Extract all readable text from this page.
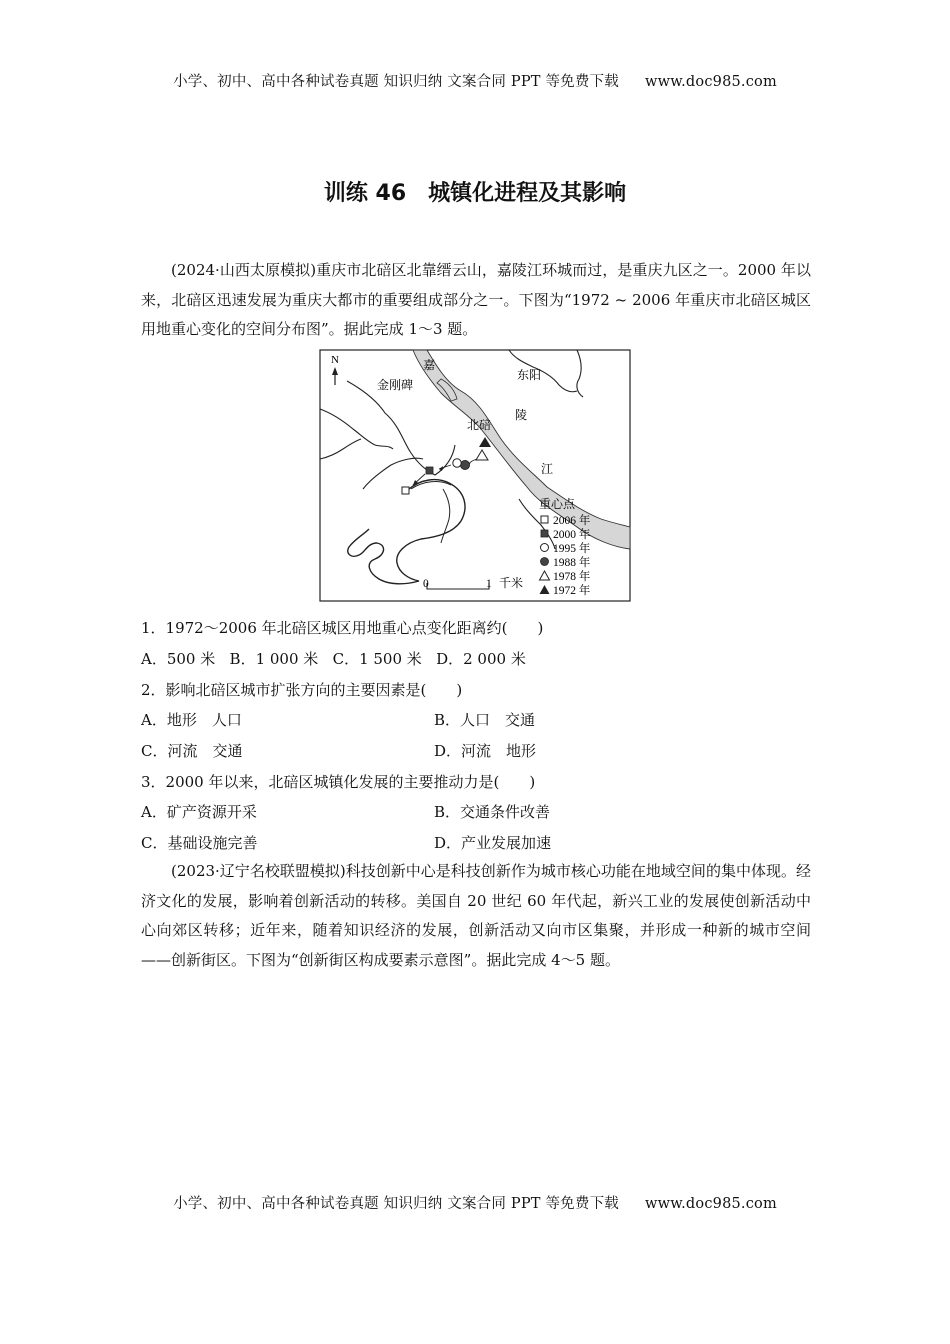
小学、初中、高中各种试卷真题 知识归纳 文案合同 PPT 等免费下载 www.doc985.com
训练 46　城镇化进程及其影响
(2024·山西太原模拟)重庆市北碚区北靠缙云山，嘉陵江环城而过，是重庆九区之一。2000 年以来，北碚区迅速发展为重庆大都市的重要组成部分之一。下图为“1972 ~ 2006 年重庆市北碚区城区用地重心变化的空间分布图”。据此完成 1～3 题。
N
金刚碑
东阳
北碚
嘉
陵
江
重心点
2006 年
2000 年
1995 年
1988 年
1978 年
1972 年
0	1 千米
1．1972～2006 年北碚区城区用地重心点变化距离约(　　)
A．500 米 B．1 000 米 C．1 500 米 D．2 000 米
2．影响北碚区城市扩张方向的主要因素是(　　)
A．地形　人口	B．人口　交通
C．河流　交通	D．河流　地形
3．2000 年以来，北碚区城镇化发展的主要推动力是(　　)
A．矿产资源开采	B．交通条件改善
C．基础设施完善	D．产业发展加速
(2023·辽宁名校联盟模拟)科技创新中心是科技创新作为城市核心功能在地域空间的集中体现。经济文化的发展，影响着创新活动的转移。美国自 20 世纪 60 年代起，新兴工业的发展使创新活动中心向郊区转移；近年来，随着知识经济的发展，创新活动又向市区集聚，并形成一种新的城市空间——创新街区。下图为“创新街区构成要素示意图”。据此完成 4～5 题。
小学、初中、高中各种试卷真题 知识归纳 文案合同 PPT 等免费下载 www.doc985.com
